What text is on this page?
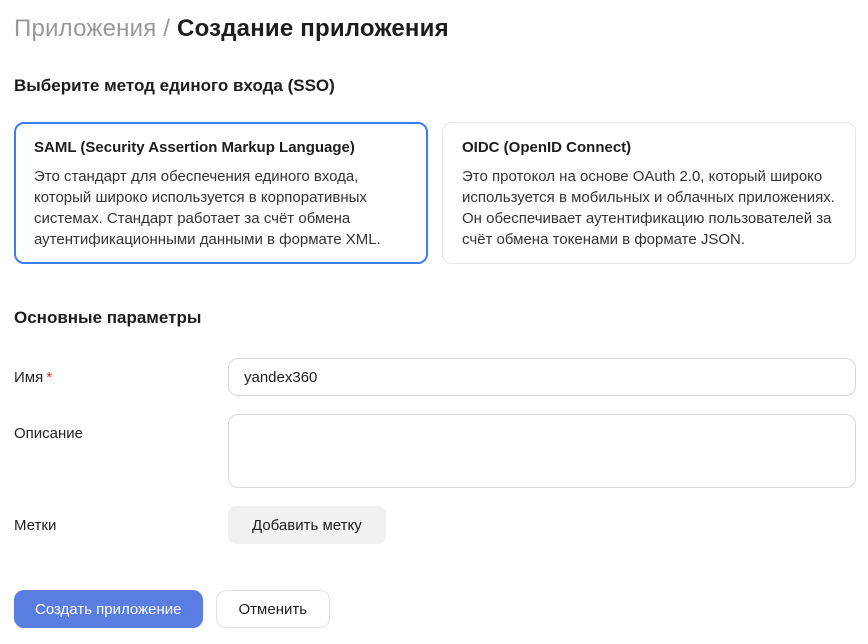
Приложения / Создание приложения
Выберите метод единого входа (SSO)
SAML (Security Assertion Markup Language)
Это стандарт для обеспечения единого входа, который широко используется в корпоративных системах. Стандарт работает за счёт обмена аутентификационными данными в формате XML.
OIDC (OpenID Connect)
Это протокол на основе OAuth 2.0, который широко используется в мобильных и облачных приложениях. Он обеспечивает аутентификацию пользователей за счёт обмена токенами в формате JSON.
Основные параметры
Имя *
yandex360
Описание
Метки	Добавить метку
Создать приложение	Отменить
